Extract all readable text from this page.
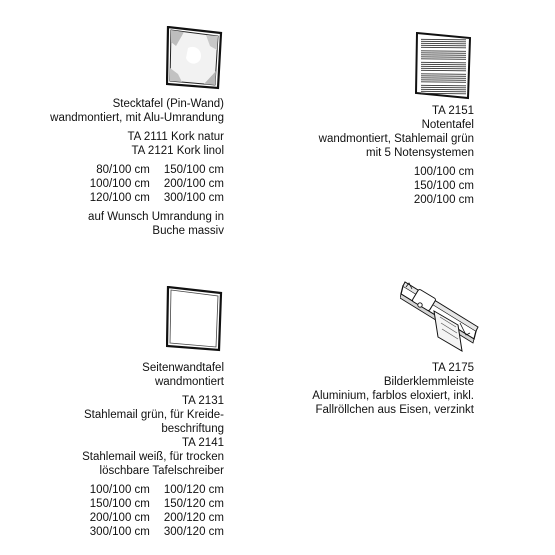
Stecktafel (Pin-Wand)
wandmontiert, mit Alu-Umrandung
TA 2111 Kork natur
TA 2121 Kork linol
80/100 cm 150/100 cm
100/100 cm 200/100 cm
120/100 cm 300/100 cm
auf Wunsch Umrandung in
Buche massiv
TA 2151
Notentafel
wandmontiert, Stahlemail grün
mit 5 Notensystemen
100/100 cm
150/100 cm
200/100 cm
Seitenwandtafel
wandmontiert
TA 2131
Stahlemail grün, für Kreide-
beschriftung
TA 2141
Stahlemail weiß, für trocken
löschbare Tafelschreiber
100/100 cm 100/120 cm
150/100 cm 150/120 cm
200/100 cm 200/120 cm
300/100 cm 300/120 cm
TA 2175
Bilderklemmleiste
Aluminium, farblos eloxiert, inkl.
Fallröllchen aus Eisen, verzinkt
